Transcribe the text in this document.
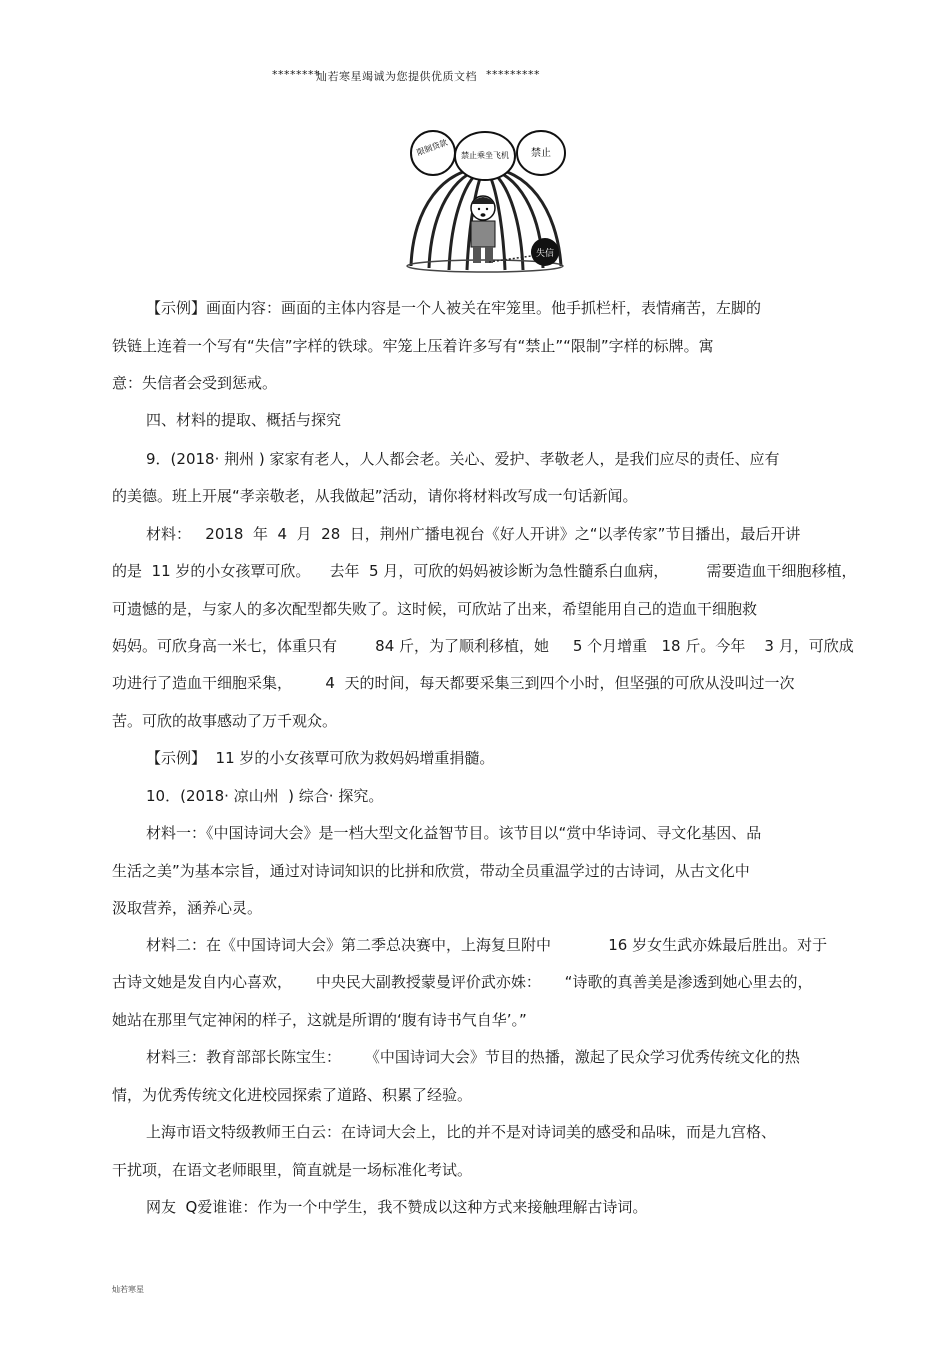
********
灿若寒星竭诚为您提供优质文档 *********
限制贷款 禁止乘坐飞机 禁止
失信
【示例】画面内容：画面的主体内容是一个人被关在牢笼里。他手抓栏杆，表情痛苦，左脚的
铁链上连着一个写有“失信”字样的铁球。牢笼上压着许多写有“禁止”“限制”字样的标牌。寓
意：失信者会受到惩戒。
四、材料的提取、概括与探究
9．(2018· 荆州 ) 家家有老人，人人都会老。关心、爱护、孝敬老人，是我们应尽的责任、应有
的美德。班上开展“孝亲敬老，从我做起”活动，请你将材料改写成一句话新闻。
材料：   2018  年  4  月  28  日，荆州广播电视台《好人开讲》之“以孝传家”节目播出，最后开讲
的是  11 岁的小女孩覃可欣。    去年  5 月，可欣的妈妈被诊断为急性髓系白血病，        需要造血干细胞移植，
可遗憾的是，与家人的多次配型都失败了。这时候，可欣站了出来，希望能用自己的造血干细胞救
妈妈。可欣身高一米七，体重只有        84 斤，为了顺利移植，她     5 个月增重   18 斤。今年    3 月，可欣成
功进行了造血干细胞采集，       4  天的时间，每天都要采集三到四个小时，但坚强的可欣从没叫过一次
苦。可欣的故事感动了万千观众。
【示例】  11 岁的小女孩覃可欣为救妈妈增重捐髓。
10．(2018· 凉山州  ) 综合· 探究。
材料一：《中国诗词大会》是一档大型文化益智节目。该节目以“赏中华诗词、寻文化基因、品
生活之美”为基本宗旨，通过对诗词知识的比拼和欣赏，带动全员重温学过的古诗词，从古文化中
汲取营养，涵养心灵。
材料二：在《中国诗词大会》第二季总决赛中，上海复旦附中            16 岁女生武亦姝最后胜出。对于
古诗文她是发自内心喜欢，     中央民大副教授蒙曼评价武亦姝：     “诗歌的真善美是渗透到她心里去的，
她站在那里气定神闲的样子，这就是所谓的‘腹有诗书气自华’。”
材料三：教育部部长陈宝生：     《中国诗词大会》节目的热播，激起了民众学习优秀传统文化的热
情，为优秀传统文化进校园探索了道路、积累了经验。
上海市语文特级教师王白云：在诗词大会上，比的并不是对诗词美的感受和品味，而是九宫格、
干扰项，在语文老师眼里，简直就是一场标准化考试。
网友  Q爱谁谁：作为一个中学生，我不赞成以这种方式来接触理解古诗词。
灿若寒星
